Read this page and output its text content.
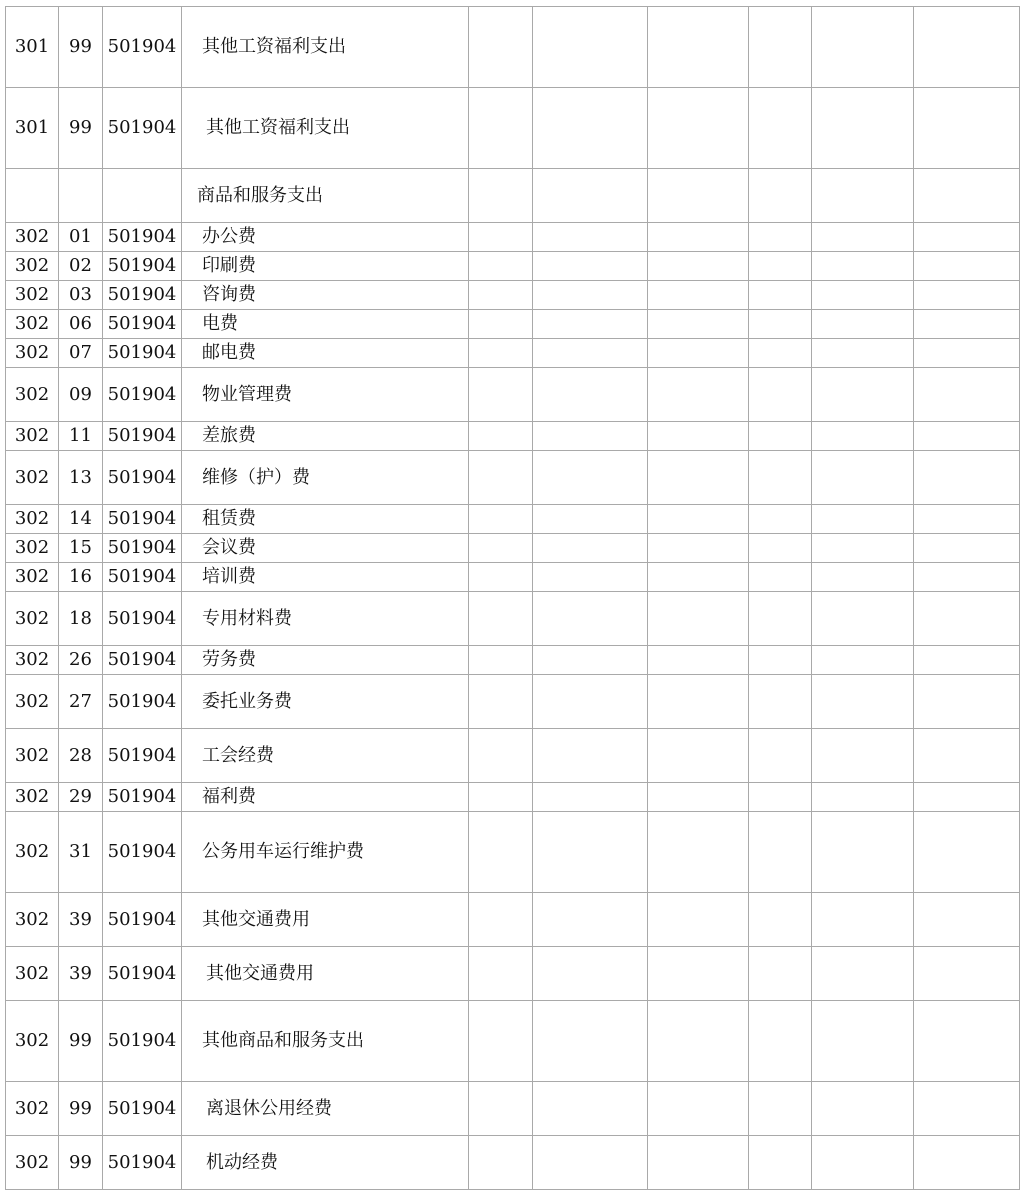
301	99	501904	其他工资福利支出						
301	99	501904	其他工资福利支出						
			商品和服务支出						
302	01	501904	办公费						
302	02	501904	印刷费						
302	03	501904	咨询费						
302	06	501904	电费						
302	07	501904	邮电费						
302	09	501904	物业管理费						
302	11	501904	差旅费						
302	13	501904	维修（护）费						
302	14	501904	租赁费						
302	15	501904	会议费						
302	16	501904	培训费						
302	18	501904	专用材料费						
302	26	501904	劳务费						
302	27	501904	委托业务费						
302	28	501904	工会经费						
302	29	501904	福利费						
302	31	501904	公务用车运行维护费						
302	39	501904	其他交通费用						
302	39	501904	其他交通费用						
302	99	501904	其他商品和服务支出						
302	99	501904	离退休公用经费						
302	99	501904	机动经费						
